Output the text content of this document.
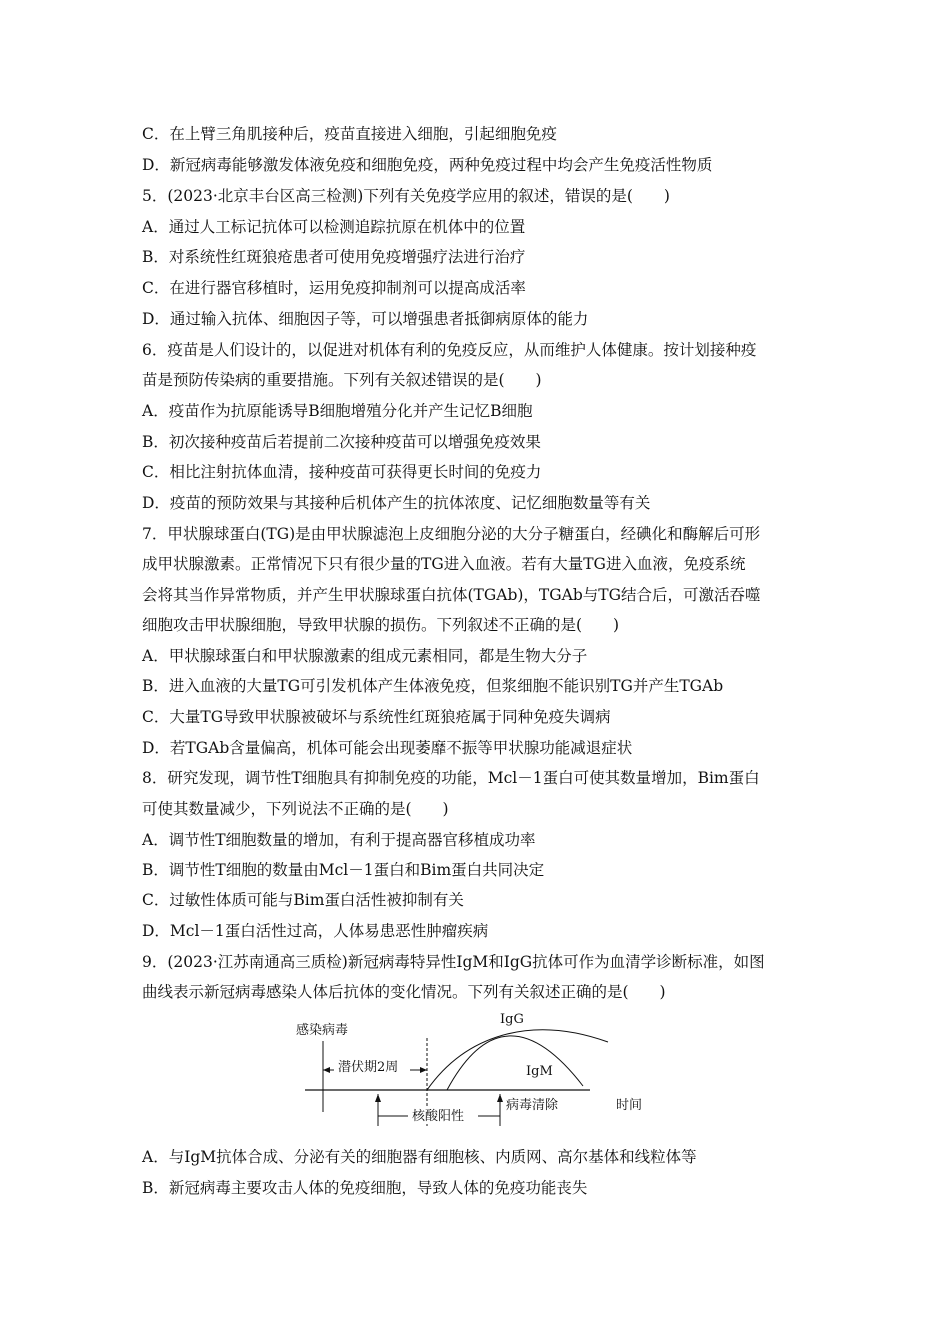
C．在上臂三角肌接种后，疫苗直接进入细胞，引起细胞免疫
D．新冠病毒能够激发体液免疫和细胞免疫，两种免疫过程中均会产生免疫活性物质
5．(2023·北京丰台区高三检测)下列有关免疫学应用的叙述，错误的是(　　)
A．通过人工标记抗体可以检测追踪抗原在机体中的位置
B．对系统性红斑狼疮患者可使用免疫增强疗法进行治疗
C．在进行器官移植时，运用免疫抑制剂可以提高成活率
D．通过输入抗体、细胞因子等，可以增强患者抵御病原体的能力
6．疫苗是人们设计的，以促进对机体有利的免疫反应，从而维护人体健康。按计划接种疫
苗是预防传染病的重要措施。下列有关叙述错误的是(　　)
A．疫苗作为抗原能诱导B细胞增殖分化并产生记忆B细胞
B．初次接种疫苗后若提前二次接种疫苗可以增强免疫效果
C．相比注射抗体血清，接种疫苗可获得更长时间的免疫力
D．疫苗的预防效果与其接种后机体产生的抗体浓度、记忆细胞数量等有关
7．甲状腺球蛋白(TG)是由甲状腺滤泡上皮细胞分泌的大分子糖蛋白，经碘化和酶解后可形
成甲状腺激素。正常情况下只有很少量的TG进入血液。若有大量TG进入血液，免疫系统
会将其当作异常物质，并产生甲状腺球蛋白抗体(TGAb)，TGAb与TG结合后，可激活吞噬
细胞攻击甲状腺细胞，导致甲状腺的损伤。下列叙述不正确的是(　　)
A．甲状腺球蛋白和甲状腺激素的组成元素相同，都是生物大分子
B．进入血液的大量TG可引发机体产生体液免疫，但浆细胞不能识别TG并产生TGAb
C．大量TG导致甲状腺被破坏与系统性红斑狼疮属于同种免疫失调病
D．若TGAb含量偏高，机体可能会出现萎靡不振等甲状腺功能减退症状
8．研究发现，调节性T细胞具有抑制免疫的功能，Mcl－1蛋白可使其数量增加，Bim蛋白
可使其数量减少，下列说法不正确的是(　　)
A．调节性T细胞数量的增加，有利于提高器官移植成功率
B．调节性T细胞的数量由Mcl－1蛋白和Bim蛋白共同决定
C．过敏性体质可能与Bim蛋白活性被抑制有关
D．Mcl－1蛋白活性过高，人体易患恶性肿瘤疾病
9．(2023·江苏南通高三质检)新冠病毒特异性IgM和IgG抗体可作为血清学诊断标准，如图
曲线表示新冠病毒感染人体后抗体的变化情况。下列有关叙述正确的是(　　)
感染病毒
潜伏期2周
IgG
IgM
核酸阳性
病毒清除	时间
A．与IgM抗体合成、分泌有关的细胞器有细胞核、内质网、高尔基体和线粒体等
B．新冠病毒主要攻击人体的免疫细胞，导致人体的免疫功能丧失
